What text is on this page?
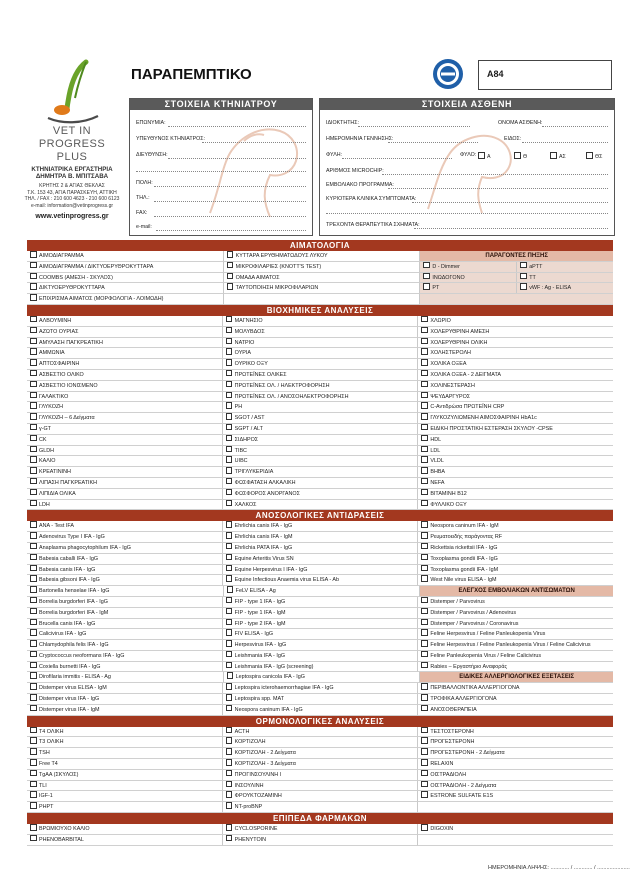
VET IN
PROGRESS
PLUS
ΚΤΗΝΙΑΤΡΙΚΑ ΕΡΓΑΣΤΗΡΙΑ
ΔΗΜΗΤΡΑ Β. ΜΠΙΤΣΑΒΑ
ΚΡΗΤΗΣ 2 & ΑΓΙΑΣ ΘΕΚΛΑΣ
Τ.Κ. 153 43, ΑΓΙΑ ΠΑΡΑΣΚΕΥΗ, ΑΤΤΙΚΗ
ΤΗΛ. / FAX : 210 600 4623 - 210 600 6123
e-mail: information@vetinprogress.gr
www.vetinprogress.gr
ΠΑΡΑΠΕΜΠΤΙΚΟ	A84
ΣΤΟΙΧΕΙΑ ΚΤΗΝΙΑΤΡΟΥ
ΕΠΩΝΥΜΙΑ:
ΥΠΕΥΘΥΝΟΣ ΚΤΗΝΙΑΤΡΟΣ:
ΔΙΕΥΘΥΝΣΗ:
ΠΟΛΗ:
ΤΗΛ.:
FAX:
e-mail:
ΣΤΟΙΧΕΙΑ ΑΣΘΕΝΗ
ΙΔΙΟΚΤΗΤΗΣ:	ΟΝΟΜΑ ΑΣΘΕΝΗ:
ΗΜΕΡΟΜΗΝΙΑ ΓΕΝΝΗΣΗΣ:	ΕΙΔΟΣ:
ΦΥΛΗ:	ΦΥΛΟ:	Α	Θ	ΑΣ	ΘΣ
ΑΡΙΘΜΟΣ MICROCHIP:
ΕΜΒΟΛΙΑΚΟ ΠΡΟΓΡΑΜΜΑ:
ΚΥΡΙΟΤΕΡΑ ΚΛΙΝΙΚΑ ΣΥΜΠΤΩΜΑΤΑ:
ΤΡΕΧΟΝΤΑ ΘΕΡΑΠΕΥΤΙΚΑ ΣΧΗΜΑΤΑ:
ΑΙΜΑΤΟΛΟΓΙΑ
ΑΙΜΟΔΙΑΓΡΑΜΜΑ	ΚΥΤΤΑΡΑ ΕΡΥΘΗΜΑΤΩΔΟΥΣ ΛΥΚΟΥ	ΠΑΡΑΓΟΝΤΕΣ ΠΗΞΗΣ
ΑΙΜΟΔΙΑΓΡΑΜΜΑ / ΔΙΚΤΥΟΕΡΥΘΡΟΚΥΤΤΑΡΑ	ΜΙΚΡΟΦΙΛΑΡΙΕΣ (KNOTT'S TEST)	D - Dimmer	aPTT
COOMBS (ΑΜΕΣΗ - ΣΚΥΛΟΣ)	ΟΜΑΔΑ ΑΙΜΑΤΟΣ	ΙΝΩΔΟΓΟΝΟ	TT
ΔΙΚΤΥΟΕΡΥΘΡΟΚΥΤΤΑΡΑ	ΤΑΥΤΟΠΟΙΗΣΗ ΜΙΚΡΟΦΙΛΑΡΙΩΝ	PT	vWF : Ag - ELISA
ΕΠΙΧΡΙΣΜΑ ΑΙΜΑΤΟΣ (ΜΟΡΦΟΛΟΓΙΑ - ΛΟΙΜΩΔΗ)
ΒΙΟΧΗΜΙΚΕΣ ΑΝΑΛΥΣΕΙΣ
ΑΛΒΟΥΜΙΝΗ	ΜΑΓΝΗΣΙΟ	ΧΛΩΡΙΟ
ΑΖΩΤΟ ΟΥΡΙΑΣ	ΜΟΛΥΒΔΟΣ	ΧΟΛΕΡΥΘΡΙΝΗ ΑΜΕΣΗ
ΑΜΥΛΑΣΗ ΠΑΓΚΡΕΑΤΙΚΗ	ΝΑΤΡΙΟ	ΧΟΛΕΡΥΘΡΙΝΗ ΟΛΙΚΗ
ΑΜΜΩΝΙΑ	ΟΥΡΙΑ	ΧΟΛΗΣΤΕΡΟΛΗ
ΑΠΤΟΣΦΑΙΡΙΝΗ	ΟΥΡΙΚΟ ΟΞΥ	ΧΟΛΙΚΑ ΟΞΕΑ
ΑΣΒΕΣΤΙΟ ΟΛΙΚΟ	ΠΡΩΤΕΪΝΕΣ ΟΛΙΚΕΣ	ΧΟΛΙΚΑ ΟΞΕΑ - 2 ΔΕΙΓΜΑΤΑ
ΑΣΒΕΣΤΙΟ ΙΟΝΙΣΜΕΝΟ	ΠΡΩΤΕΪΝΕΣ ΟΛ. / ΗΛΕΚΤΡΟΦΟΡΗΣΗ	ΧΟΛΙΝΕΣΤΕΡΑΣΗ
ΓΑΛΑΚΤΙΚΟ	ΠΡΩΤΕΪΝΕΣ ΟΛ. / ΑΝΟΣΟΗΛΕΚΤΡΟΦΟΡΗΣΗ	ΨΕΥΔΑΡΓΥΡΟΣ
ΓΛΥΚΟΖΗ	PH	C-Αντιδρώσα ΠΡΩΤΕΪΝΗ CRP
ΓΛΥΚΟΖΗ – 6 Δείγματα	SGOT / AST	ΓΛΥΚΟΖΥΛΙΩΜΕΝΗ ΑΙΜΟΣΦΑΙΡΙΝΗ HbA1c
γ-GT	SGPT / ALT	ΕΙΔΙΚΗ ΠΡΟΣΤΑΤΙΚΗ ΕΣΤΕΡΑΣΗ ΣΚΥΛΟΥ -CPSE
CK	ΣΙΔΗΡΟΣ	HDL
GLDH	TIBC	LDL
ΚΑΛΙΟ	UIBC	VLDL
ΚΡΕΑΤΙΝΙΝΗ	ΤΡΙΓΛΥΚΕΡΙΔΙΑ	BHBA
ΛΙΠΑΣΗ ΠΑΓΚΡΕΑΤΙΚΗ	ΦΩΣΦΑΤΑΣΗ ΑΛΚΑΛΙΚΗ	NEFA
ΛΙΠΙΔΙΑ ΟΛΙΚΑ	ΦΩΣΦΟΡΟΣ ΑΝΟΡΓΑΝΟΣ	ΒΙΤΑΜΙΝΗ B12
LDH	ΧΑΛΚΟΣ	ΦΥΛΛΙΚΟ ΟΞΥ
ΑΝΟΣΟΛΟΓΙΚΕΣ ΑΝΤΙΔΡΑΣΕΙΣ
ANA - Test IFA	Ehrlichia canis IFA - IgG	Neospora caninum IFA - IgM
Adenovirus Type I IFA - IgG	Ehrlichia canis IFA - IgM	Ρευματοειδής παράγοντας RF
Anaplasma phagocytophilum IFA - IgG	Ehrlichia PATA IFA - IgG	Rickettsia rickettsii IFA - IgG
Babesia caballi IFA - IgG	Equine Arteritis Virus SN	Toxoplasma gondii IFA - IgG
Babesia canis IFA - IgG	Equine Herpesvirus I IFA - IgG	Toxoplasma gondii IFA - IgM
Babesia gibsoni IFA - IgG	Equine Infectious Anaemia virus ELISA - Ab	West Nile virus ELISA - IgM
Bartonella henselae IFA - IgG	FeLV ELISA - Ag	ΕΛΕΓΧΟΣ ΕΜΒΟΛΙΑΚΩΝ ΑΝΤΙΣΩΜΑΤΩΝ
Borrelia burgdorferi IFA - IgG	FIP - type 1 IFA - IgG	Distemper / Parvovirus
Borrelia burgdorferi IFA - IgM	FIP - type 1 IFA - IgM	Distemper / Parvovirus / Adenovirus
Brucella canis IFA - IgG	FIP - type 2 IFA - IgM	Distemper / Parvovirus / Coronavirus
Calicivirus IFA - IgG	FIV ELISA - IgG	Feline Herpesvirus / Feline Panleukopenia Virus
Chlamydophila felis IFA - IgG	Herpesvirus IFA - IgG	Feline Herpesvirus / Feline Panleukopenia Virus / Feline Calicivirus
Cryptococcus neoformans IFA - IgG	Leishmania IFA - IgG	Feline Panleukopenia Virus / Feline Calicivirus
Coxiella burnetti IFA - IgG	Leishmania IFA - IgG (screening)	Rabies – Εργαστήριο Αναφοράς
Dirofilaria immitis - ELISA - Ag	Leptospira canicola IFA - IgG	ΕΙΔΙΚΕΣ ΑΛΛΕΡΓΙΟΛΟΓΙΚΕΣ ΕΞΕΤΑΣΕΙΣ
Distemper virus ELISA - IgM	Leptospira icterohaemorrhagiae IFA - IgG	ΠΕΡΙΒΑΛΛΟΝΤΙΚΑ ΑΛΛΕΡΓΙΟΓΟΝΑ
Distemper virus IFA - IgG	Leptospira spp. MAT	ΤΡΟΦΙΚΑ ΑΛΛΕΡΓΙΟΓΟΝΑ
Distemper virus IFA - IgM	Neospora caninum IFA - IgG	ΑΝΟΣΟΘΕΡΑΠΕΙΑ
ΟΡΜΟΝΟΛΟΓΙΚΕΣ ΑΝΑΛΥΣΕΙΣ
T4 ΟΛΙΚΗ	ACTH	ΤΕΣΤΟΣΤΕΡΟΝΗ
T3 ΟΛΙΚΗ	ΚΟΡΤΙΖΟΛΗ	ΠΡΟΓΕΣΤΕΡΟΝΗ
TSH	ΚΟΡΤΙΖΟΛΗ - 2 Δείγματα	ΠΡΟΓΕΣΤΕΡΟΝΗ - 2 Δείγματα
Free T4	ΚΟΡΤΙΖΟΛΗ - 3 Δείγματα	RELAXIN
TgAA (ΣΚΥΛΟΣ)	ΠΡΟΓΙΝΣΟΥΛΙΝΗ Ι	ΟΙΣΤΡΑΔΙΟΛΗ
TLI	ΙΝΣΟΥΛΙΝΗ	ΟΙΣΤΡΑΔΙΟΛΗ - 2 Δείγματα
IGF-1	ΦΡΟΥΚΤΟΖΑΜΙΝΗ	ESTRONE SULFATE E1S
PHPT	NT-proBNP
ΕΠΙΠΕΔΑ ΦΑΡΜΑΚΩΝ
ΒΡΩΜΙΟΥΧΟ ΚΑΛΙΟ	CYCLOSPORINE	DIGOXIN
PHENOBARBITAL	PHENYTOIN
ΗΜΕΡΟΜΗΝΙΑ ΛΗΨΗΣ: ............ / ............ / .....................
